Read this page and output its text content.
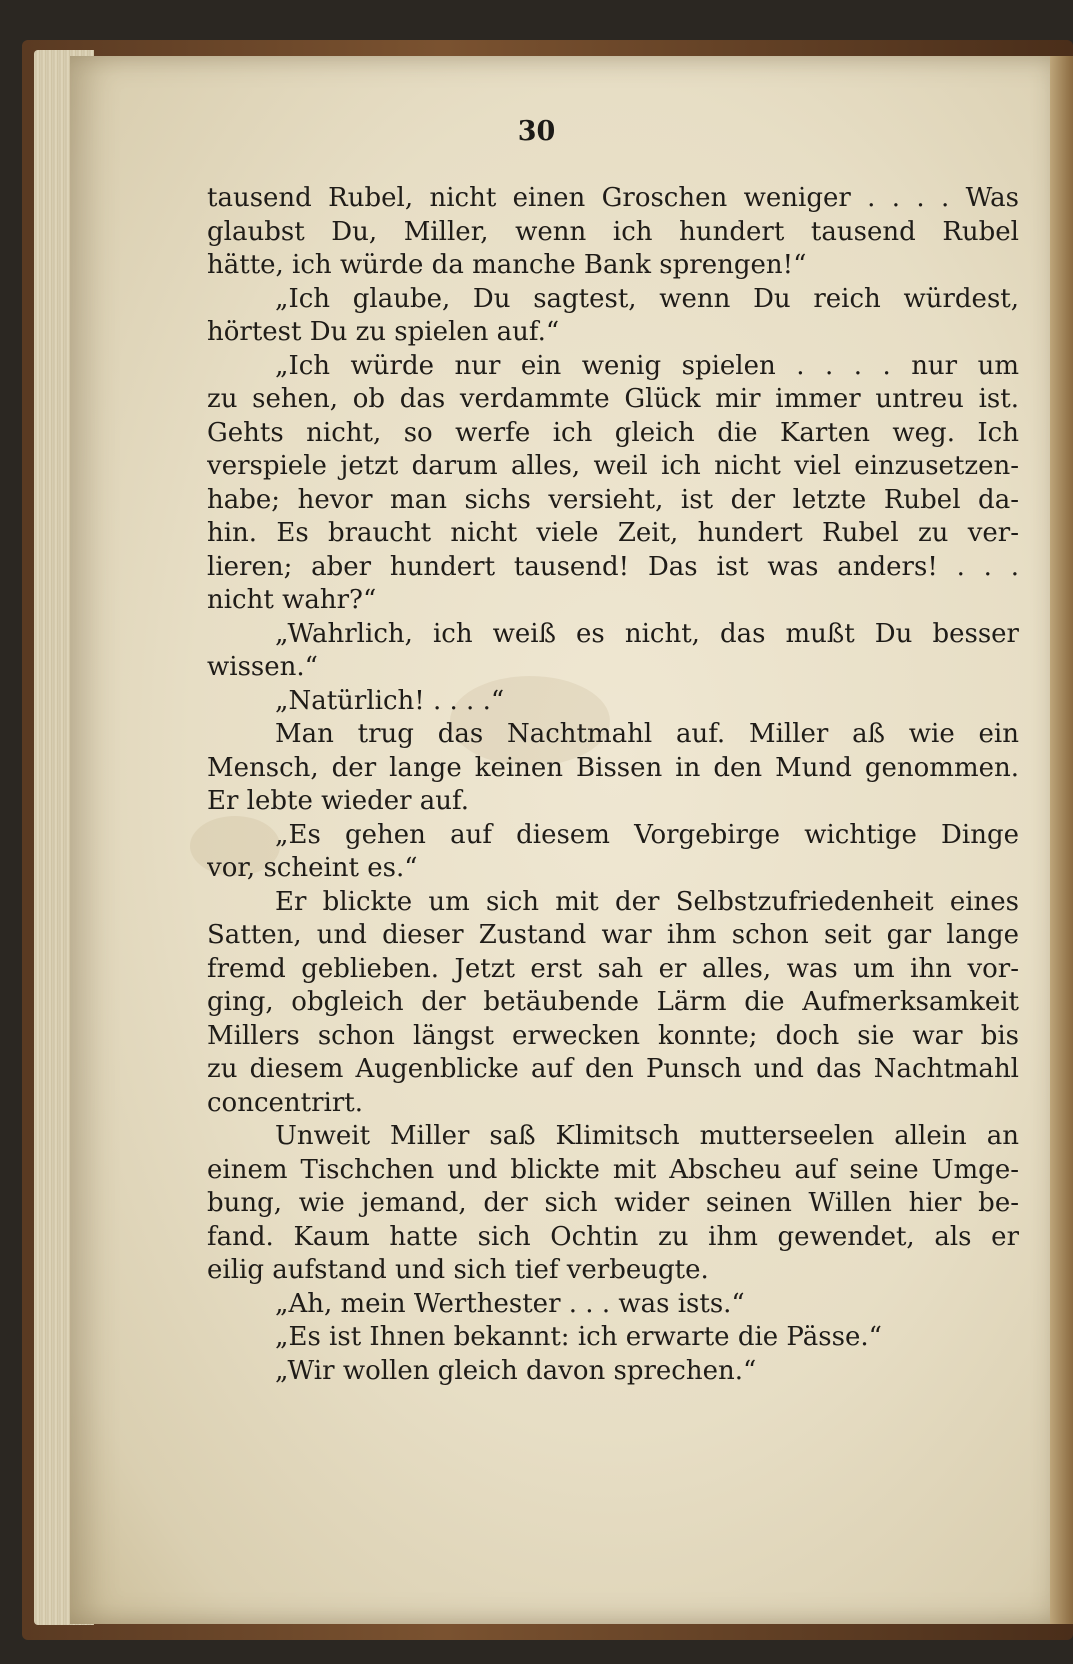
30
tausend Rubel, nicht einen Groschen weniger . . . . Was
glaubst Du, Miller, wenn ich hundert tausend Rubel
hätte, ich würde da manche Bank sprengen!“
„Ich glaube, Du sagtest, wenn Du reich würdest,
hörtest Du zu spielen auf.“
„Ich würde nur ein wenig spielen . . . . nur um
zu sehen, ob das verdammte Glück mir immer untreu ist.
Gehts nicht, so werfe ich gleich die Karten weg. Ich
verspiele jetzt darum alles, weil ich nicht viel einzusetzen-
habe; hevor man sichs versieht, ist der letzte Rubel da-
hin. Es braucht nicht viele Zeit, hundert Rubel zu ver-
lieren; aber hundert tausend! Das ist was anders! . . .
nicht wahr?“
„Wahrlich, ich weiß es nicht, das mußt Du besser
wissen.“
„Natürlich! . . . .“
Man trug das Nachtmahl auf. Miller aß wie ein
Mensch, der lange keinen Bissen in den Mund genommen.
Er lebte wieder auf.
„Es gehen auf diesem Vorgebirge wichtige Dinge
vor, scheint es.“
Er blickte um sich mit der Selbstzufriedenheit eines
Satten, und dieser Zustand war ihm schon seit gar lange
fremd geblieben. Jetzt erst sah er alles, was um ihn vor-
ging, obgleich der betäubende Lärm die Aufmerksamkeit
Millers schon längst erwecken konnte; doch sie war bis
zu diesem Augenblicke auf den Punsch und das Nachtmahl
concentrirt.
Unweit Miller saß Klimitsch mutterseelen allein an
einem Tischchen und blickte mit Abscheu auf seine Umge-
bung, wie jemand, der sich wider seinen Willen hier be-
fand. Kaum hatte sich Ochtin zu ihm gewendet, als er
eilig aufstand und sich tief verbeugte.
„Ah, mein Werthester . . . was ists.“
„Es ist Ihnen bekannt: ich erwarte die Pässe.“
„Wir wollen gleich davon sprechen.“
